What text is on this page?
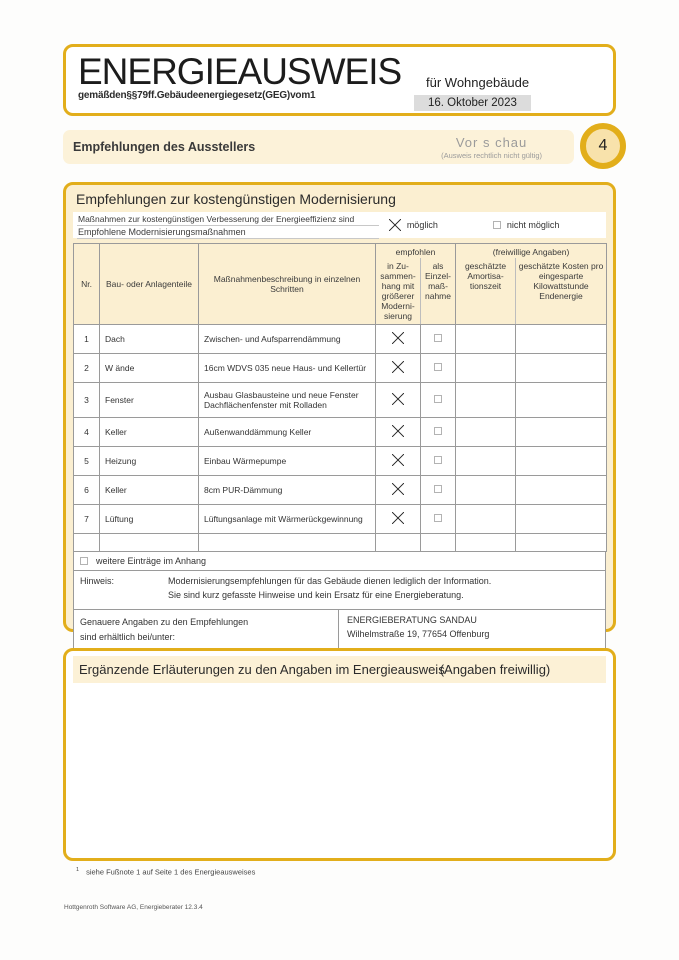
ENERGIEAUSWEIS
gemäßden§§79ff.Gebäudeenergiegesetz(GEG)vom1
für Wohngebäude
16. Oktober 2023
Empfehlungen des Ausstellers	Vor s chau
(Ausweis rechtlich nicht gültig)
4
Empfehlungen zur kostengünstigen Modernisierung
Maßnahmen zur kostengünstigen Verbesserung der Energieeffizienz sind
Empfohlene Modernisierungsmaßnahmen
möglich	nicht möglich
Nr.	Bau- oder Anlagenteile	Maßnahmenbeschreibung in einzelnen Schritten	empfohlen		(freiwillige Angaben)	
			in Zu- sammen- hang mit größerer Moderni- sierung	als Einzel- maß- nahme	geschätzte Amortisa- tionszeit	geschätzte Kosten pro eingesparte Kilowattstunde Endenergie
1	Dach	Zwischen- und Aufsparrendämmung				
2	W ände	16cm WDVS 035 neue Haus- und Kellertür				
3	Fenster	Ausbau Glasbausteine und neue Fenster Dachflächenfenster mit Rolladen				
4	Keller	Außenwanddämmung Keller				
5	Heizung	Einbau Wärmepumpe				
6	Keller	8cm PUR-Dämmung				
7	Lüftung	Lüftungsanlage mit Wärmerückgewinnung				

weitere Einträge im Anhang
Hinweis:	Modernisierungsempfehlungen für das Gebäude dienen lediglich der Information.
Sie sind kurz gefasste Hinweise und kein Ersatz für eine Energieberatung.
Genauere Angaben zu den Empfehlungen
sind erhältlich bei/unter:
ENERGIEBERATUNG SANDAU
Wilhelmstraße 19, 77654 Offenburg
Ergänzende Erläuterungen zu den Angaben im Energieausweis(Angaben freiwillig)
$^1$ siehe Fußnote 1 auf Seite 1 des Energieausweises
Hottgenroth Software AG, Energieberater 12.3.4
